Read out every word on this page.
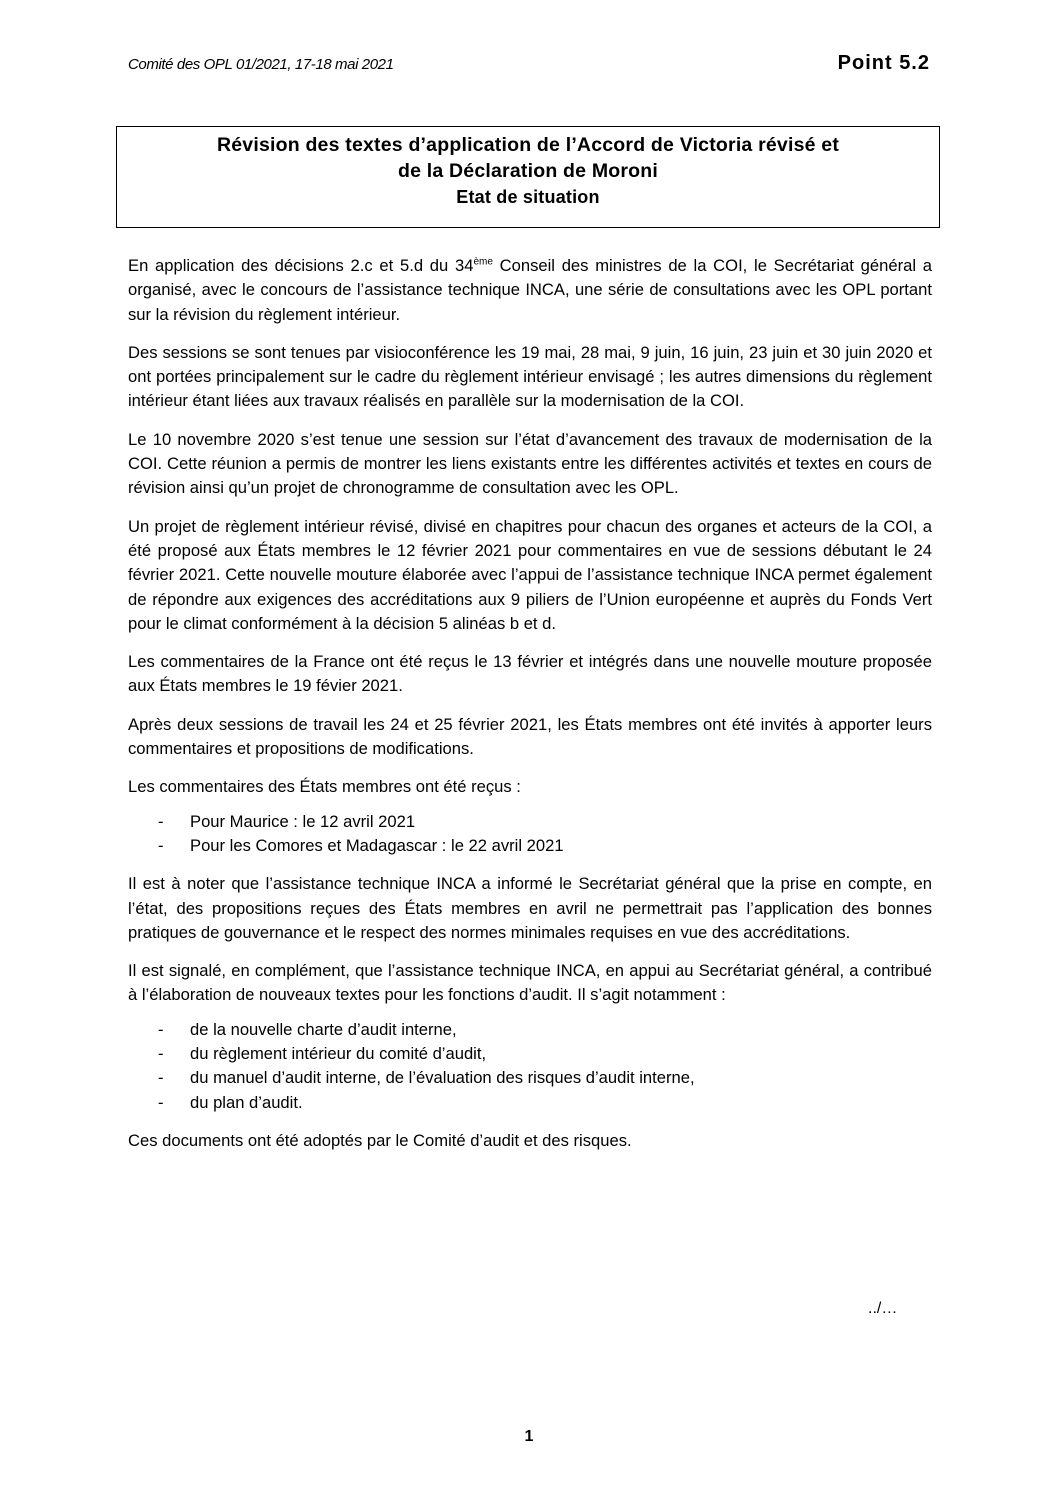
Comité des OPL 01/2021, 17-18 mai 2021	Point 5.2
Révision des textes d’application de l’Accord de Victoria révisé et
de la Déclaration de Moroni
Etat de situation

En application des décisions 2.c et 5.d du 34ème Conseil des ministres de la COI, le Secrétariat général a organisé, avec le concours de l’assistance technique INCA, une série de consultations avec les OPL portant sur la révision du règlement intérieur.

Des sessions se sont tenues par visioconférence les 19 mai, 28 mai, 9 juin, 16 juin, 23 juin et 30 juin 2020 et ont portées principalement sur le cadre du règlement intérieur envisagé ; les autres dimensions du règlement intérieur étant liées aux travaux réalisés en parallèle sur la modernisation de la COI.

Le 10 novembre 2020 s’est tenue une session sur l’état d’avancement des travaux de modernisation de la COI. Cette réunion a permis de montrer les liens existants entre les différentes activités et textes en cours de révision ainsi qu’un projet de chronogramme de consultation avec les OPL.

Un projet de règlement intérieur révisé, divisé en chapitres pour chacun des organes et acteurs de la COI, a été proposé aux États membres le 12 février 2021 pour commentaires en vue de sessions débutant le 24 février 2021. Cette nouvelle mouture élaborée avec l’appui de l’assistance technique INCA permet également de répondre aux exigences des accréditations aux 9 piliers de l’Union européenne et auprès du Fonds Vert pour le climat conformément à la décision 5 alinéas b et d.

Les commentaires de la France ont été reçus le 13 février et intégrés dans une nouvelle mouture proposée aux États membres le 19 févier 2021.

Après deux sessions de travail les 24 et 25 février 2021, les États membres ont été invités à apporter leurs commentaires et propositions de modifications.

Les commentaires des États membres ont été reçus :

- Pour Maurice : le 12 avril 2021
- Pour les Comores et Madagascar : le 22 avril 2021

Il est à noter que l’assistance technique INCA a informé le Secrétariat général que la prise en compte, en l’état, des propositions reçues des États membres en avril ne permettrait pas l’application des bonnes pratiques de gouvernance et le respect des normes minimales requises en vue des accréditations.

Il est signalé, en complément, que l’assistance technique INCA, en appui au Secrétariat général, a contribué à l’élaboration de nouveaux textes pour les fonctions d’audit. Il s’agit notamment :

- de la nouvelle charte d’audit interne,
- du règlement intérieur du comité d’audit,
- du manuel d’audit interne, de l’évaluation des risques d’audit interne,
- du plan d’audit.

Ces documents ont été adoptés par le Comité d’audit et des risques.

../…
1
